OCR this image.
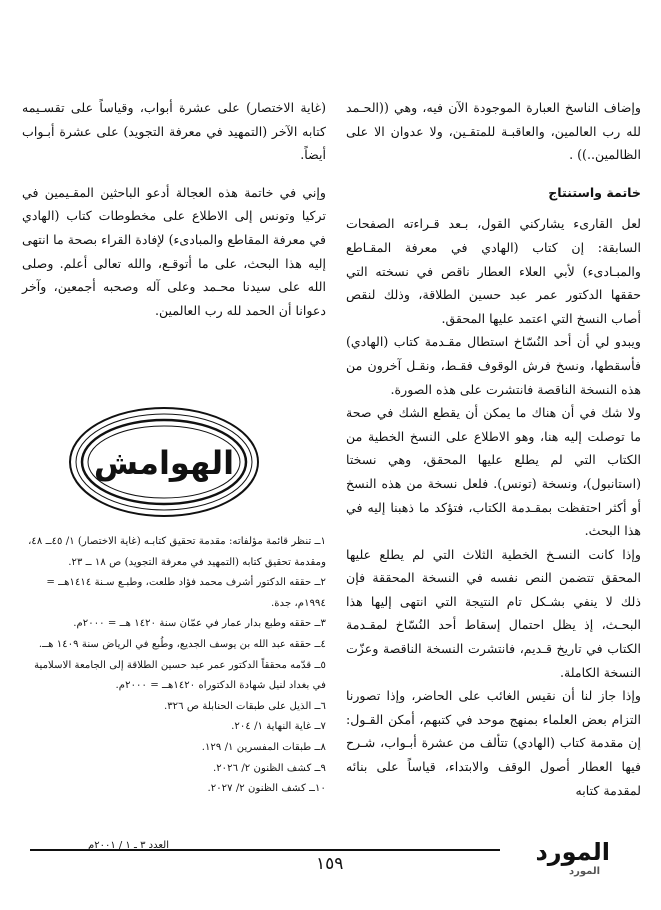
وإضاف الناسخ العبارة الموجودة الآن فيه، وهي ((الحـمد لله رب العالمين، والعاقبـة للمتقـين، ولا عدوان الا على الظالمين..)) .

خاتمة واستنتاج

لعل القارىء يشاركني القول، بـعد قـراءته الصفحات السابقة: إن كتاب (الهادي في معرفة المقـاطع والمبـادىء) لأبي العلاء العطار ناقص في نسخته التي حققها الدكتور عمر عبد حسين الطلاقة، وذلك لنقص أصاب النسخ التي اعتمد عليها المحقق.

ويبدو لي أن أحد النُسّاخ استطال مقـدمة كتاب (الهادي) فأسقطها، ونسخ فرش الوقوف فقـط، ونقـل آخرون من هذه النسخة الناقصة فانتشرت على هذه الصورة.

ولا شك في أن هناك ما يمكن أن يقطع الشك في صحة ما توصلت إليه هنا، وهو الاطلاع على النسخ الخطية من الكتاب التي لم يطلع عليها المحقق، وهي نسختا (استانبول)، ونسخة (تونس). فلعل نسخة من هذه النسخ أو أكثر احتفظت بمقـدمة الكتاب، فتؤكد ما ذهبنا إليه في هذا البحث.

وإذا كانت النسـخ الخطية الثلاث التي لم يطلع عليها المحقق تتضمن النص نفسه في النسخة المحققة فإن ذلك لا ينفي بشـكل تام النتيجة التي انتهى إليها هذا البحـث، إذ يظل احتمال إسقاط أحد النُسّاخ لمقـدمة الكتاب في تاريخ قـديم، فانتشرت النسخة الناقصة وعزّت النسخة الكاملة.

وإذا جاز لنا أن نقيس الغائب على الحاضر، وإذا تصورنا التزام بعض العلماء بمنهج موحد في كتبهم، أمكن القـول: إن مقدمة كتاب (الهادي) تتألف من عشرة أبـواب، شـرح فيها العطار أصول الوقف والابتداء، قياساً على بنائه لمقدمة كتابه

(غاية الاختصار) على عشرة أبواب، وقياساً على تقسـيمه كتابه الآخر (التمهيد في معرفة التجويد) على عشرة أبـواب أيضاً.

وإني في خاتمة هذه العجالة أدعو الباحثين المقـيمين في تركيا وتونس إلى الاطلاع على مخطوطات كتاب (الهادي في معرفة المقاطع والمبادىء) لإفادة القراء بصحة ما انتهى إليه هذا البحث، على ما أتوقـع، والله تعالى أعلم. وصلى الله على سيدنا محـمد وعلى آله وصحبه أجمعين، وآخر دعوانا أن الحمد لله رب العالمين.

الهوامش

١ــ تنظر قائمة مؤلفاته: مقدمة تحقيق كتابـه (غاية الاختصار) ١/ ٤٥ــ ٤٨، ومقدمة تحقيق كتابه (التمهيد في معرفة التجويد) ص ١٨ ــ ٢٣.

٢ــ حققه الدكتور أشرف محمد فؤاد طلعت، وطبـع سـنة ١٤١٤هــ = ١٩٩٤م، جدة.

٣ــ حققه وطبع بدار عمار في عمّان سنة ١٤٢٠ هــ = ٢٠٠٠م.

٤ــ حققه عبد الله بن يوسف الجديع، وطُبع في الرياض سنة ١٤٠٩ هــ.

٥ــ قدّمه محققاً الدكتور عمر عبد حسين الطلاقة إلى الجامعة الاسلامية في بغداد لنيل شهادة الدكتوراه ١٤٢٠هــ = ٢٠٠٠م.

٦ــ الذيل على طبقات الحنابلة ص ٣٢٦.

٧ــ غاية النهاية ١/ ٢٠٤.

٨ــ طبقات المفسرين ١/ ١٢٩.

٩ــ كشف الظنون ٢/ ٢٠٢٦.

١٠ــ كشف الظنون ٢/ ٢٠٢٧.

العدد ٣ ـ ١ / ٢٠٠١م
١٥٩	المورد
المورد
